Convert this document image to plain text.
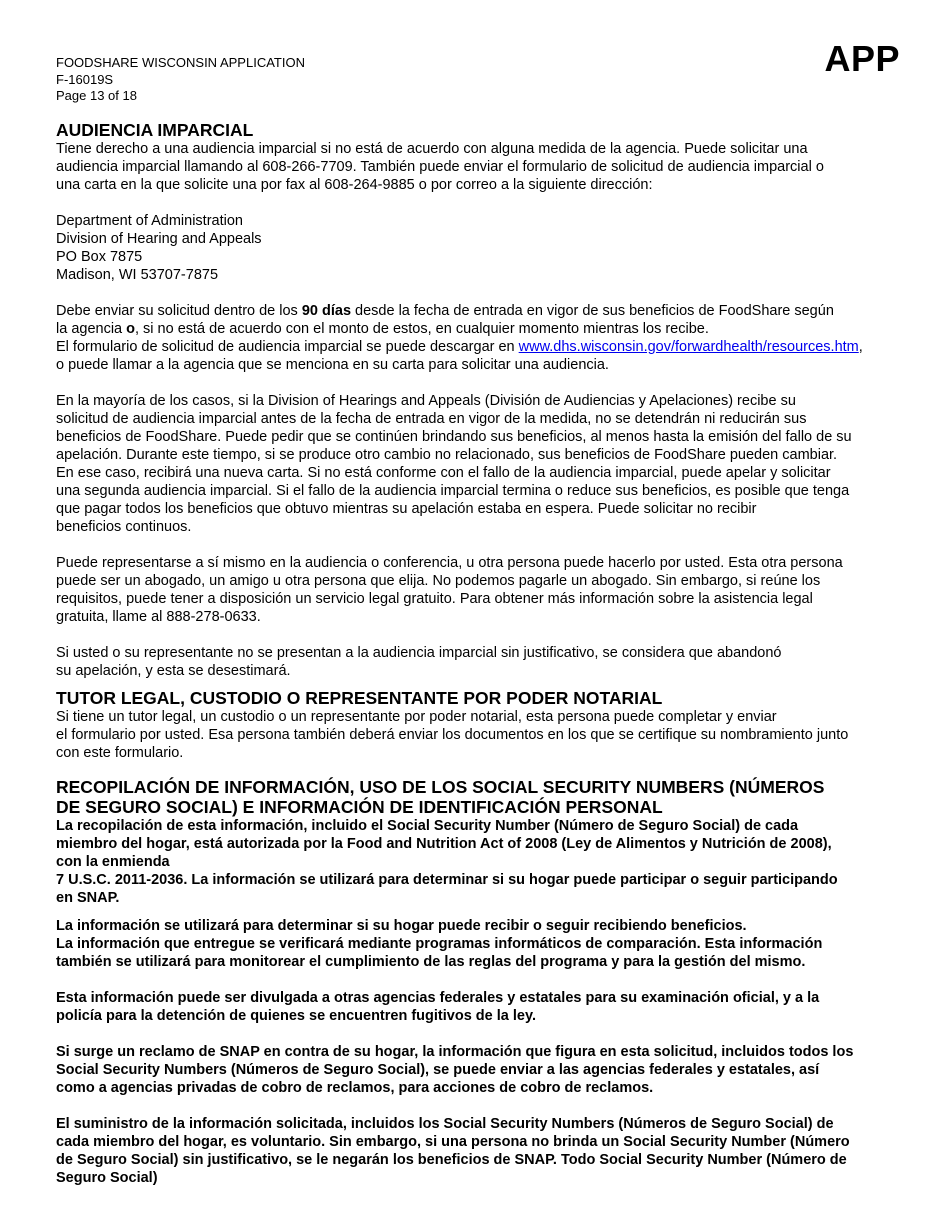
FOODSHARE WISCONSIN APPLICATION
F-16019S
Page 13 of 18
APP
AUDIENCIA IMPARCIAL

Tiene derecho a una audiencia imparcial si no está de acuerdo con alguna medida de la agencia. Puede solicitar una
audiencia imparcial llamando al 608-266-7709. También puede enviar el formulario de solicitud de audiencia imparcial o
una carta en la que solicite una por fax al 608-264-9885 o por correo a la siguiente dirección:

Department of Administration
Division of Hearing and Appeals
PO Box 7875
Madison, WI 53707-7875

Debe enviar su solicitud dentro de los 90 días desde la fecha de entrada en vigor de sus beneficios de FoodShare según
la agencia o, si no está de acuerdo con el monto de estos, en cualquier momento mientras los recibe.
El formulario de solicitud de audiencia imparcial se puede descargar en www.dhs.wisconsin.gov/forwardhealth/resources.htm,
o puede llamar a la agencia que se menciona en su carta para solicitar una audiencia.

En la mayoría de los casos, si la Division of Hearings and Appeals (División de Audiencias y Apelaciones) recibe su
solicitud de audiencia imparcial antes de la fecha de entrada en vigor de la medida, no se detendrán ni reducirán sus
beneficios de FoodShare. Puede pedir que se continúen brindando sus beneficios, al menos hasta la emisión del fallo de su
apelación. Durante este tiempo, si se produce otro cambio no relacionado, sus beneficios de FoodShare pueden cambiar.
En ese caso, recibirá una nueva carta. Si no está conforme con el fallo de la audiencia imparcial, puede apelar y solicitar
una segunda audiencia imparcial. Si el fallo de la audiencia imparcial termina o reduce sus beneficios, es posible que tenga
que pagar todos los beneficios que obtuvo mientras su apelación estaba en espera. Puede solicitar no recibir
beneficios continuos.

Puede representarse a sí mismo en la audiencia o conferencia, u otra persona puede hacerlo por usted. Esta otra persona
puede ser un abogado, un amigo u otra persona que elija. No podemos pagarle un abogado. Sin embargo, si reúne los
requisitos, puede tener a disposición un servicio legal gratuito. Para obtener más información sobre la asistencia legal
gratuita, llame al 888-278-0633.

Si usted o su representante no se presentan a la audiencia imparcial sin justificativo, se considera que abandonó
su apelación, y esta se desestimará.

TUTOR LEGAL, CUSTODIO O REPRESENTANTE POR PODER NOTARIAL

Si tiene un tutor legal, un custodio o un representante por poder notarial, esta persona puede completar y enviar
el formulario por usted. Esa persona también deberá enviar los documentos en los que se certifique su nombramiento junto
con este formulario.

RECOPILACIÓN DE INFORMACIÓN, USO DE LOS SOCIAL SECURITY NUMBERS (NÚMEROS
DE SEGURO SOCIAL) E INFORMACIÓN DE IDENTIFICACIÓN PERSONAL

La recopilación de esta información, incluido el Social Security Number (Número de Seguro Social) de cada
miembro del hogar, está autorizada por la Food and Nutrition Act of 2008 (Ley de Alimentos y Nutrición de 2008),
con la enmienda
7 U.S.C. 2011-2036. La información se utilizará para determinar si su hogar puede participar o seguir participando
en SNAP.

La información se utilizará para determinar si su hogar puede recibir o seguir recibiendo beneficios.
La información que entregue se verificará mediante programas informáticos de comparación. Esta información
también se utilizará para monitorear el cumplimiento de las reglas del programa y para la gestión del mismo.

Esta información puede ser divulgada a otras agencias federales y estatales para su examinación oficial, y a la
policía para la detención de quienes se encuentren fugitivos de la ley.

Si surge un reclamo de SNAP en contra de su hogar, la información que figura en esta solicitud, incluidos todos los
Social Security Numbers (Números de Seguro Social), se puede enviar a las agencias federales y estatales, así
como a agencias privadas de cobro de reclamos, para acciones de cobro de reclamos.

El suministro de la información solicitada, incluidos los Social Security Numbers (Números de Seguro Social) de
cada miembro del hogar, es voluntario. Sin embargo, si una persona no brinda un Social Security Number (Número
de Seguro Social) sin justificativo, se le negarán los beneficios de SNAP. Todo Social Security Number (Número de
Seguro Social)
